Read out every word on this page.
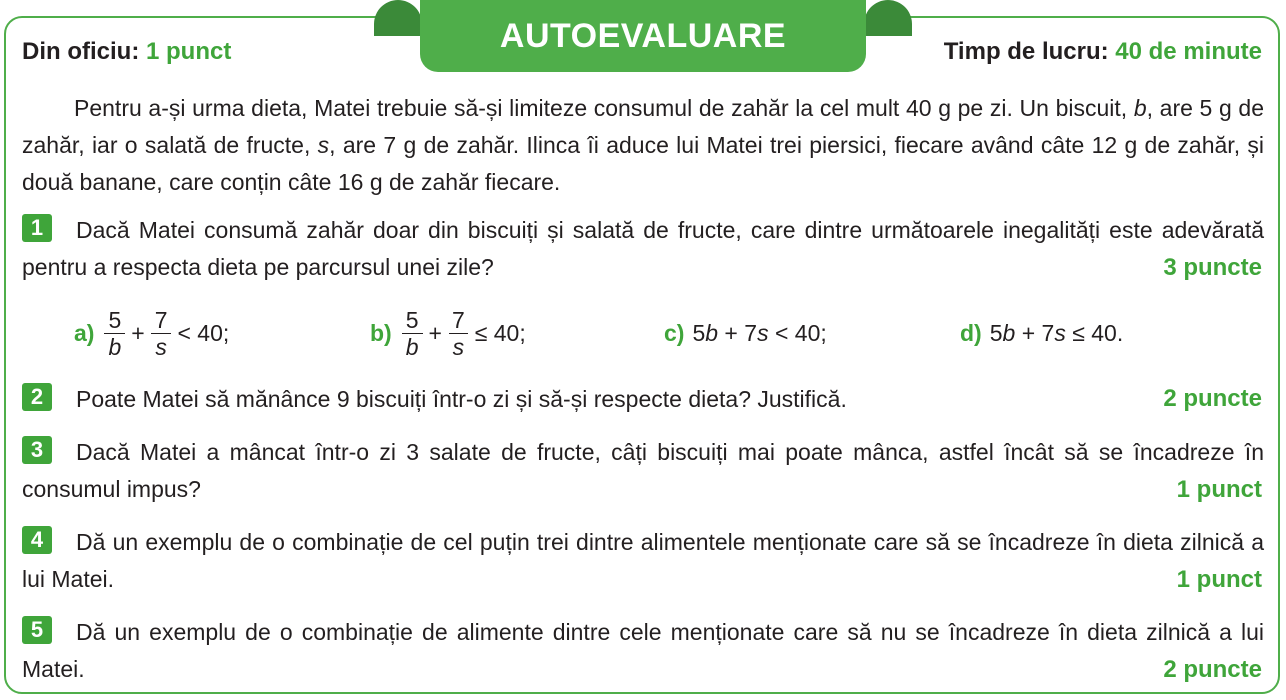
AUTOEVALUARE
Din oficiu: 1 punct	Timp de lucru: 40 de minute

Pentru a-și urma dieta, Matei trebuie să-și limiteze consumul de zahăr la cel mult 40 g pe zi. Un biscuit, b, are 5 g de zahăr, iar o salată de fructe, s, are 7 g de zahăr. Ilinca îi aduce lui Matei trei piersici, fiecare având câte 12 g de zahăr, și două banane, care conțin câte 16 g de zahăr fiecare.

1	Dacă Matei consumă zahăr doar din biscuiți și salată de fructe, care dintre următoarele inegalități este adevărată pentru a respecta dieta pe parcursul unei zile?	3 puncte
$a) \frac{5}{b} + \frac{7}{s} < 40$;	$b) \frac{5}{b} + \frac{7}{s} \le 40$;	c) 5 b + 7 s < 40;	d) 5 b + 7 s ≤ 40.
2	Poate Matei să mănânce 9 biscuiți într-o zi și să-și respecte dieta? Justifică.	2 puncte
3	Dacă Matei a mâncat într-o zi 3 salate de fructe, câți biscuiți mai poate mânca, astfel încât să se încadreze în consumul impus?	1 punct
4	Dă un exemplu de o combinație de cel puțin trei dintre alimentele menționate care să se încadreze în dieta zilnică a lui Matei.	1 punct
5	Dă un exemplu de o combinație de alimente dintre cele menționate care să nu se încadreze în dieta zilnică a lui Matei.	2 puncte
